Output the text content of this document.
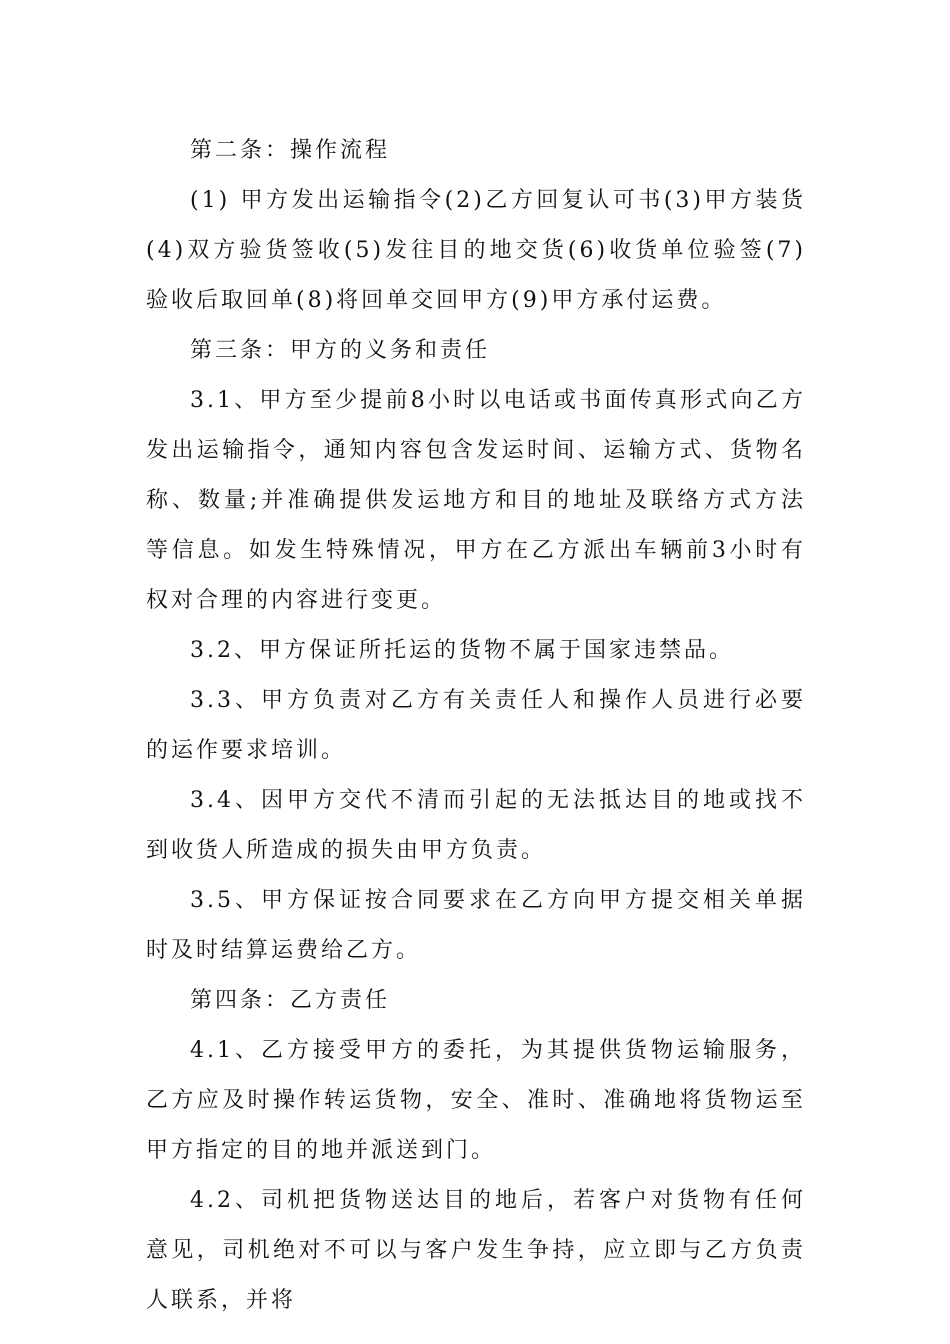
第二条：操作流程

(1) 甲方发出运输指令(2)乙方回复认可书(3)甲方装货(4)双方验货签收(5)发往目的地交货(6)收货单位验签(7)验收后取回单(8)将回单交回甲方(9)甲方承付运费。

第三条：甲方的义务和责任

3.1、甲方至少提前8小时以电话或书面传真形式向乙方发出运输指令，通知内容包含发运时间、运输方式、货物名称、数量;并准确提供发运地方和目的地址及联络方式方法等信息。如发生特殊情况，甲方在乙方派出车辆前3小时有权对合理的内容进行变更。

3.2、甲方保证所托运的货物不属于国家违禁品。

3.3、甲方负责对乙方有关责任人和操作人员进行必要的运作要求培训。

3.4、因甲方交代不清而引起的无法抵达目的地或找不到收货人所造成的损失由甲方负责。

3.5、甲方保证按合同要求在乙方向甲方提交相关单据时及时结算运费给乙方。

第四条：乙方责任

4.1、乙方接受甲方的委托，为其提供货物运输服务，乙方应及时操作转运货物，安全、准时、准确地将货物运至甲方指定的目的地并派送到门。

4.2、司机把货物送达目的地后，若客户对货物有任何意见，司机绝对不可以与客户发生争持，应立即与乙方负责人联系，并将
